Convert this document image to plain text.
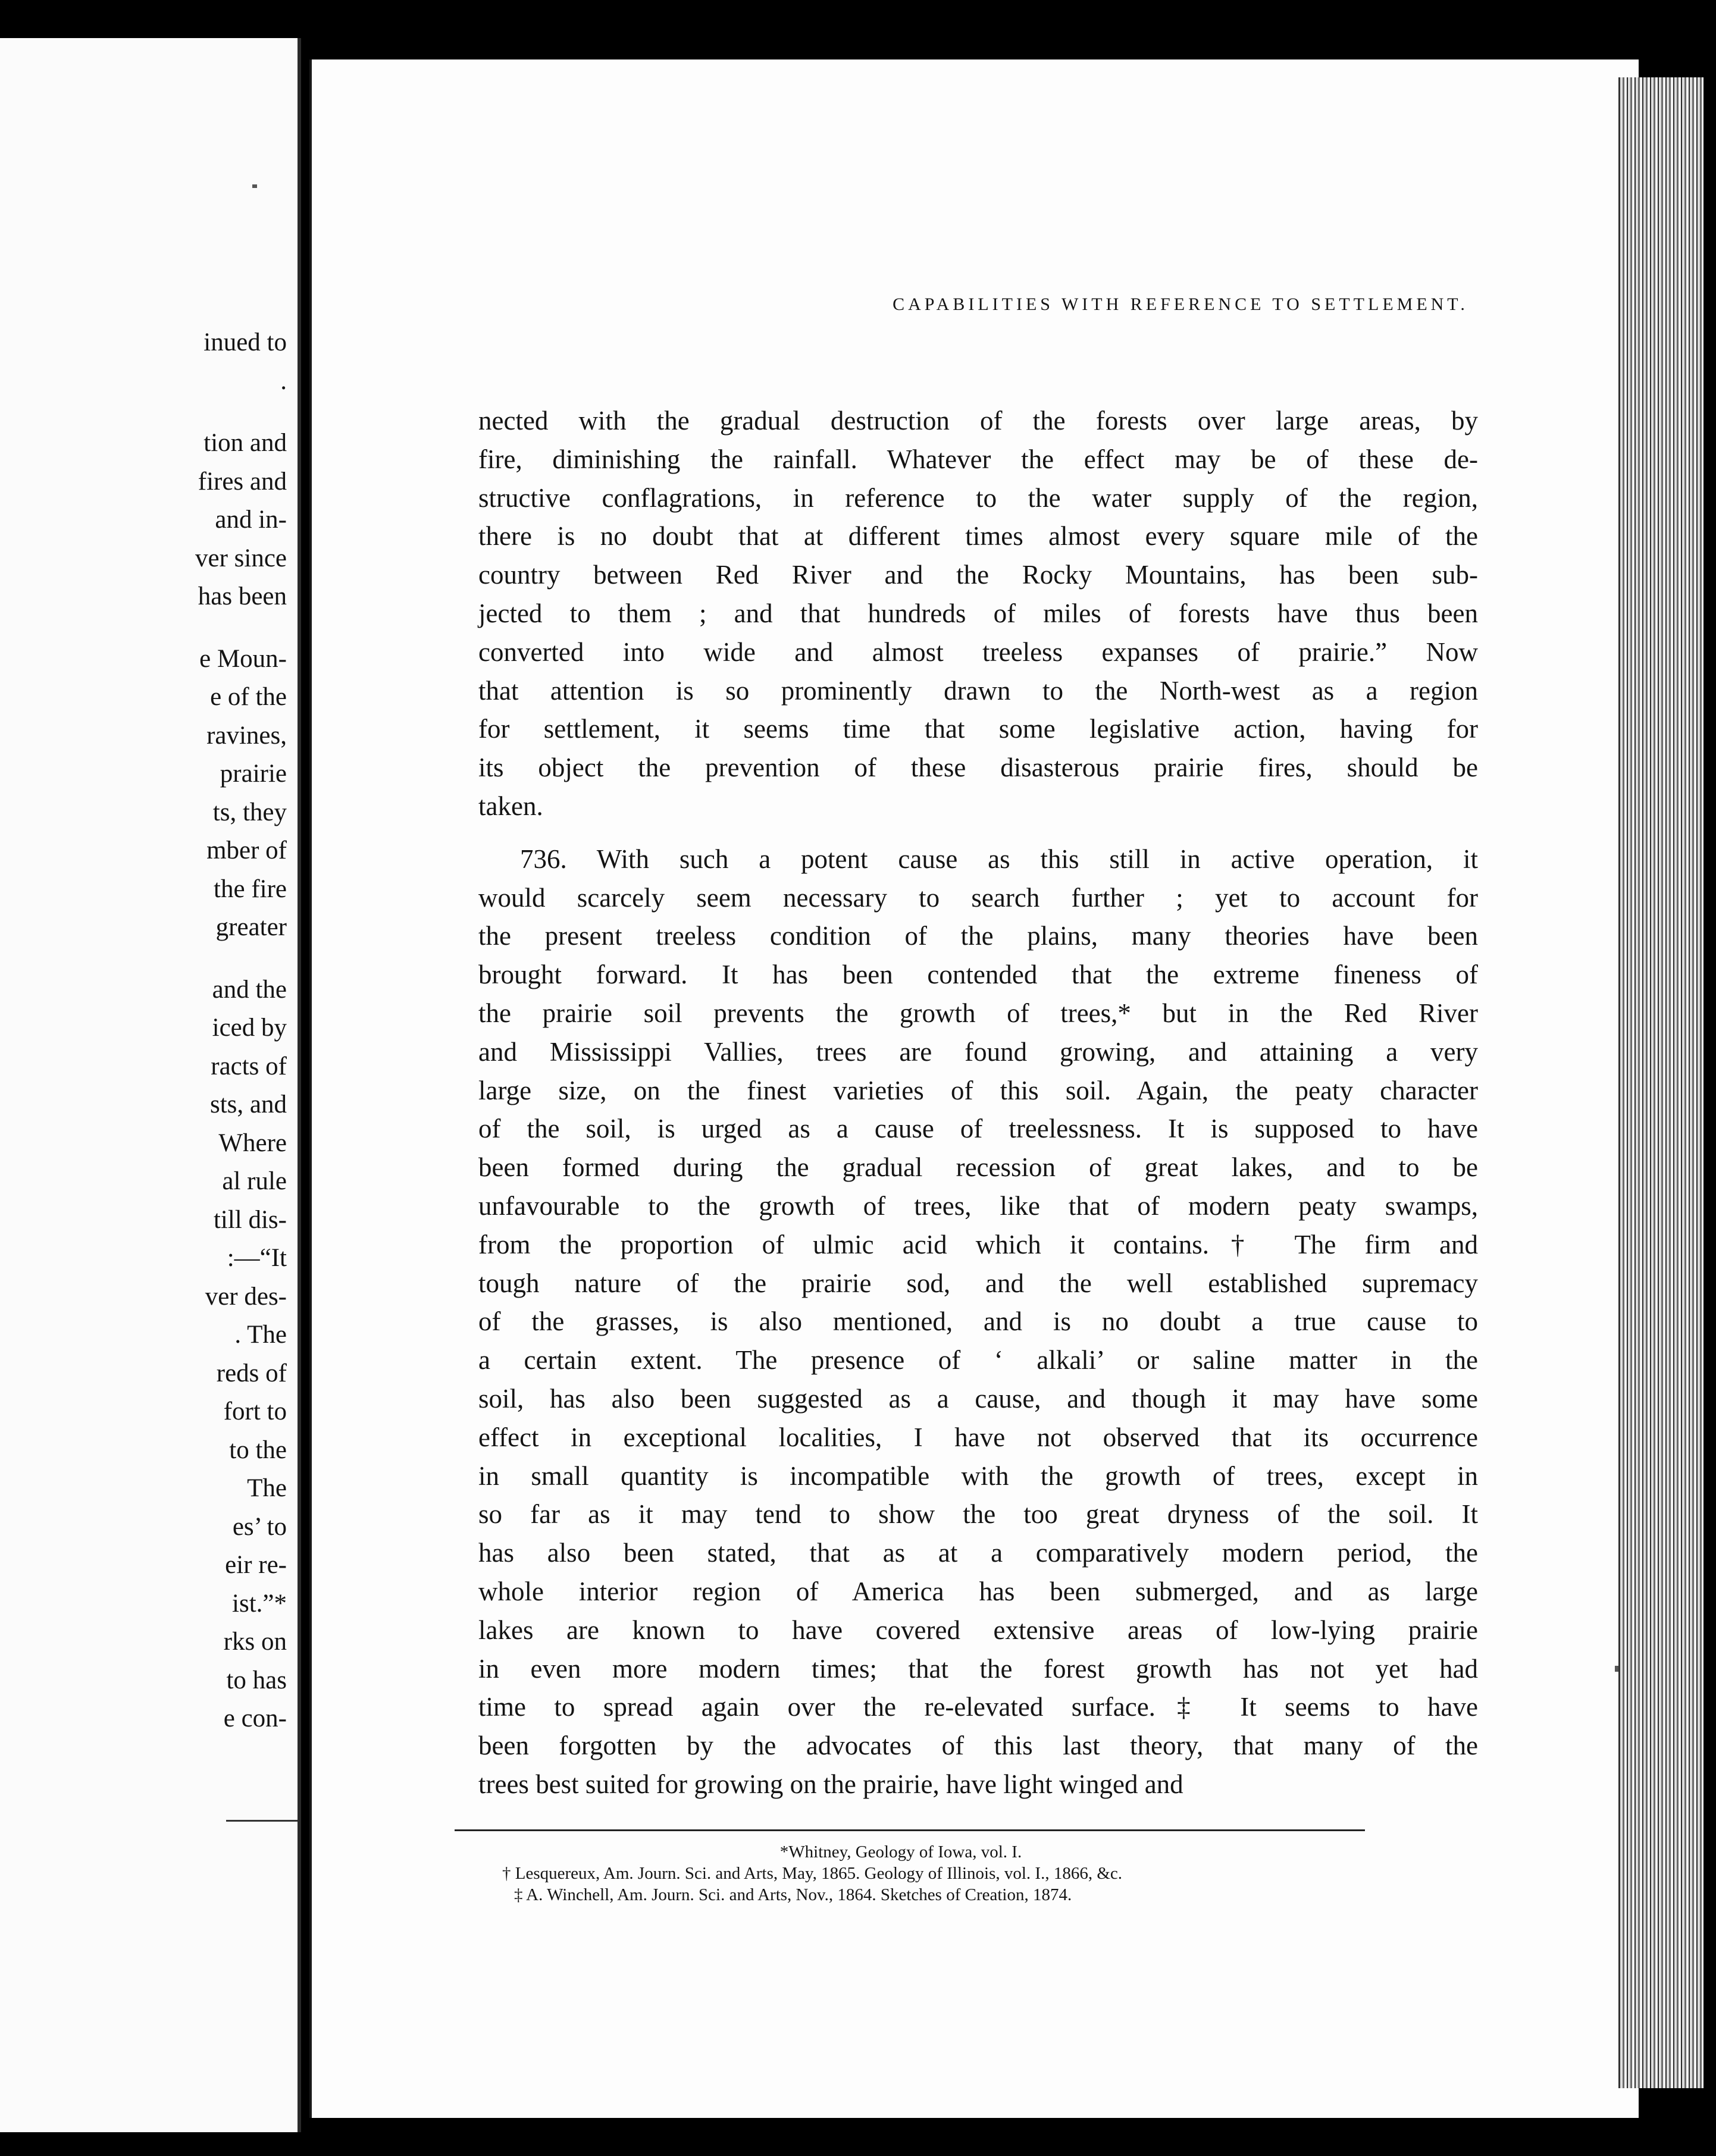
inued to
.
tion and
fires and
and in-
ver since
has been
e Moun-
e of the
ravines,
prairie
ts, they
mber of
the fire
greater
and the
iced by
racts of
sts, and
Where
al rule
till dis-
:—“It
ver des-
. The
reds of
fort to
to the
The
es’ to
eir re-
ist.”*
rks on
to has
e con-
CAPABILITIES WITH REFERENCE TO SETTLEMENT.
nected with the gradual destruction of the forests over large areas, by
fire, diminishing the rainfall. Whatever the effect may be of these de-
structive conflagrations, in reference to the water supply of the region,
there is no doubt that at different times almost every square mile of the
country between Red River and the Rocky Mountains, has been sub-
jected to them ; and that hundreds of miles of forests have thus been
converted into wide and almost treeless expanses of prairie.” Now
that attention is so prominently drawn to the North-west as a region
for settlement, it seems time that some legislative action, having for
its object the prevention of these disasterous prairie fires, should be
taken.
736. With such a potent cause as this still in active operation, it
would scarcely seem necessary to search further ; yet to account for
the present treeless condition of the plains, many theories have been
brought forward. It has been contended that the extreme fineness of
the prairie soil prevents the growth of trees,* but in the Red River
and Mississippi Vallies, trees are found growing, and attaining a very
large size, on the finest varieties of this soil. Again, the peaty character
of the soil, is urged as a cause of treelessness. It is supposed to have
been formed during the gradual recession of great lakes, and to be
unfavourable to the growth of trees, like that of modern peaty swamps,
from the proportion of ulmic acid which it contains.† The firm and
tough nature of the prairie sod, and the well established supremacy
of the grasses, is also mentioned, and is no doubt a true cause to
a certain extent. The presence of ‘ alkali’ or saline matter in the
soil, has also been suggested as a cause, and though it may have some
effect in exceptional localities, I have not observed that its occurrence
in small quantity is incompatible with the growth of trees, except in
so far as it may tend to show the too great dryness of the soil. It
has also been stated, that as at a comparatively modern period, the
whole interior region of America has been submerged, and as large
lakes are known to have covered extensive areas of low-lying prairie
in even more modern times; that the forest growth has not yet had
time to spread again over the re-elevated surface.‡ It seems to have
been forgotten by the advocates of this last theory, that many of the
trees best suited for growing on the prairie, have light winged and
*Whitney, Geology of Iowa, vol. I.
† Lesquereux, Am. Journ. Sci. and Arts, May, 1865. Geology of Illinois, vol. I., 1866, &c.
‡ A. Winchell, Am. Journ. Sci. and Arts, Nov., 1864. Sketches of Creation, 1874.
